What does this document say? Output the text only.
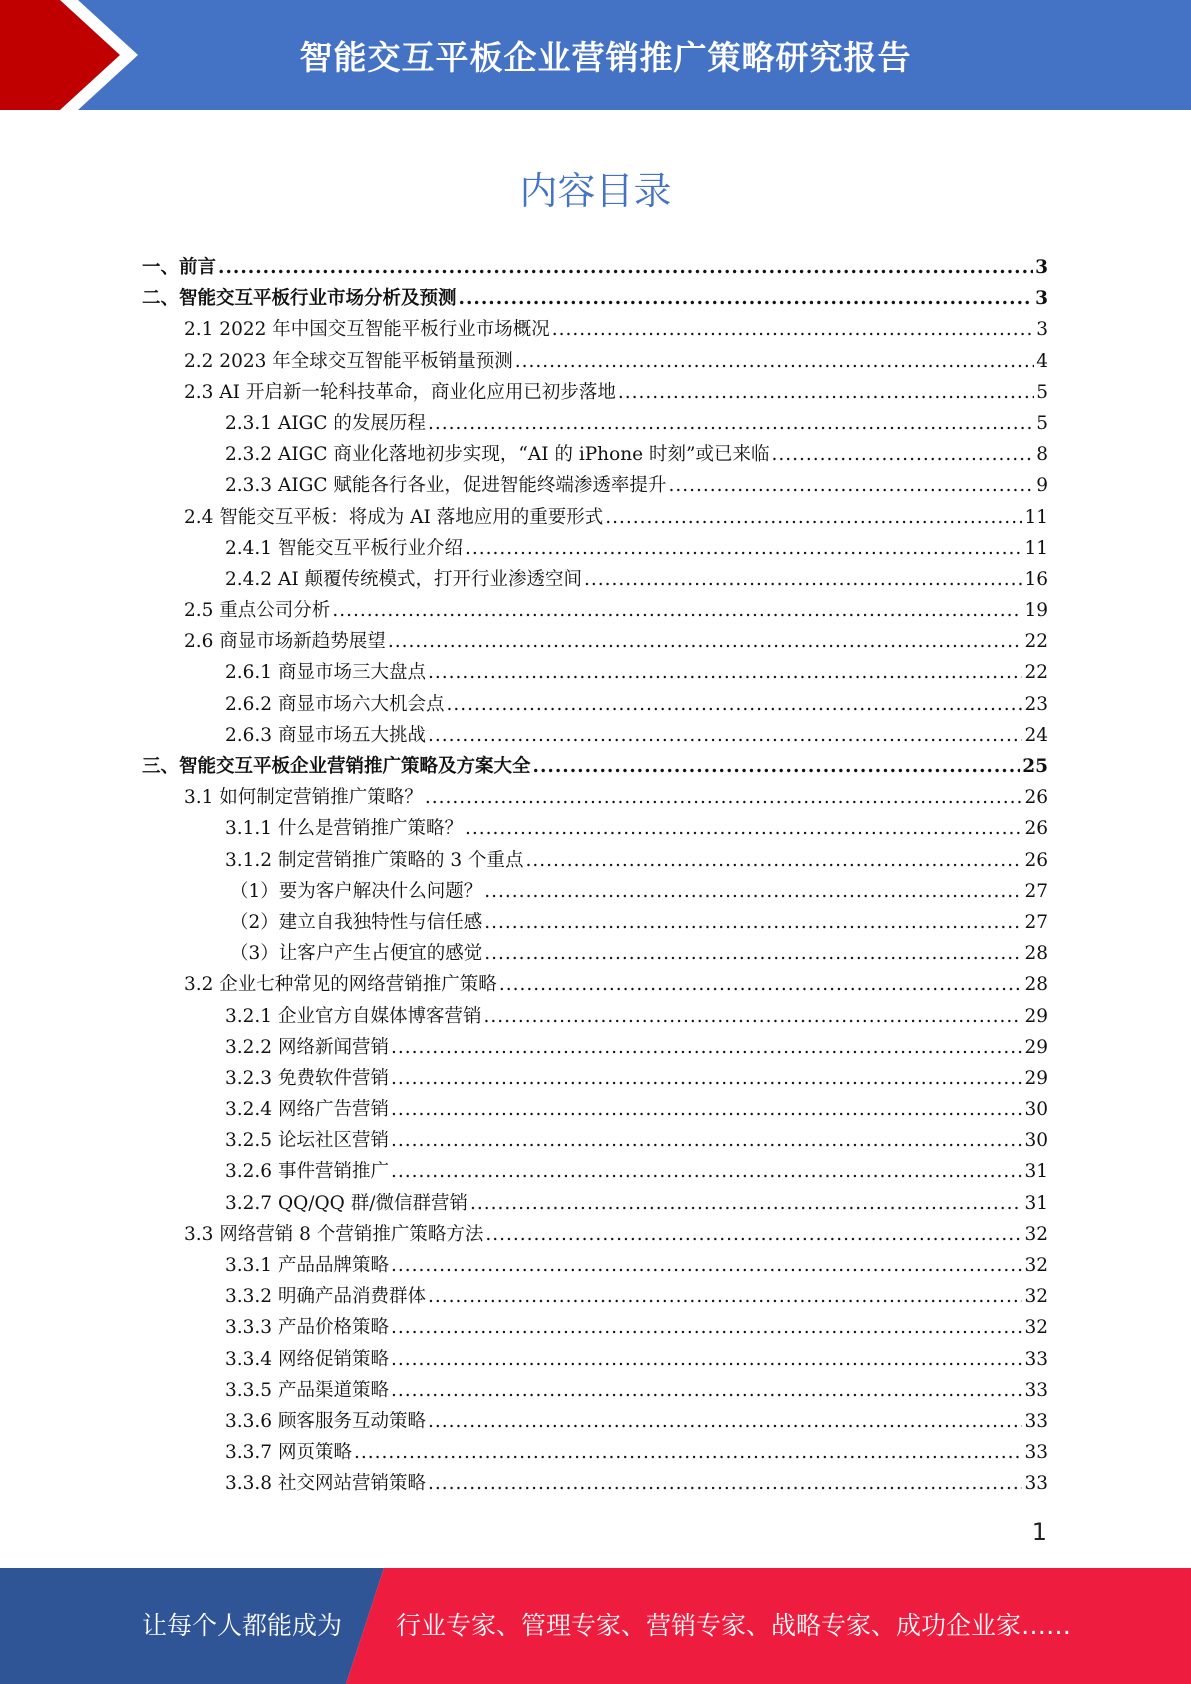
智能交互平板企业营销推广策略研究报告
内容目录
一、前言 .....	3
二、智能交互平板行业市场分析及预测 .....	3
2.1 2022 年中国交互智能平板行业市场概况 .....	3
2.2 2023 年全球交互智能平板销量预测 .....	4
2.3 AI 开启新一轮科技革命，商业化应用已初步落地 .....	5
2.3.1 AIGC 的发展历程 .....	5
2.3.2 AIGC 商业化落地初步实现，“AI 的 iPhone 时刻”或已来临 .....	8
2.3.3 AIGC 赋能各行各业，促进智能终端渗透率提升 .....	9
2.4 智能交互平板：将成为 AI 落地应用的重要形式 .....	11
2.4.1 智能交互平板行业介绍 .....	11
2.4.2 AI 颠覆传统模式，打开行业渗透空间 .....	16
2.5 重点公司分析 .....	19
2.6 商显市场新趋势展望 .....	22
2.6.1 商显市场三大盘点 .....	22
2.6.2 商显市场六大机会点 .....	23
2.6.3 商显市场五大挑战 .....	24
三、智能交互平板企业营销推广策略及方案大全 .....	25
3.1 如何制定营销推广策略？ .....	26
3.1.1 什么是营销推广策略？ .....	26
3.1.2 制定营销推广策略的 3 个重点 .....	26
（1）要为客户解决什么问题？ .....	27
（2）建立自我独特性与信任感 .....	27
（3）让客户产生占便宜的感觉 .....	28
3.2 企业七种常见的网络营销推广策略 .....	28
3.2.1 企业官方自媒体博客营销 .....	29
3.2.2 网络新闻营销 .....	29
3.2.3 免费软件营销 .....	29
3.2.4 网络广告营销 .....	30
3.2.5 论坛社区营销 .....	30
3.2.6 事件营销推广 .....	31
3.2.7 QQ/QQ 群/微信群营销 .....	31
3.3 网络营销 8 个营销推广策略方法 .....	32
3.3.1 产品品牌策略 .....	32
3.3.2 明确产品消费群体 .....	32
3.3.3 产品价格策略 .....	32
3.3.4 网络促销策略 .....	33
3.3.5 产品渠道策略 .....	33
3.3.6 顾客服务互动策略 .....	33
3.3.7 网页策略 .....	33
3.3.8 社交网站营销策略 .....	33
1
让每个人都能成为 行业专家、管理专家、营销专家、战略专家、成功企业家……
